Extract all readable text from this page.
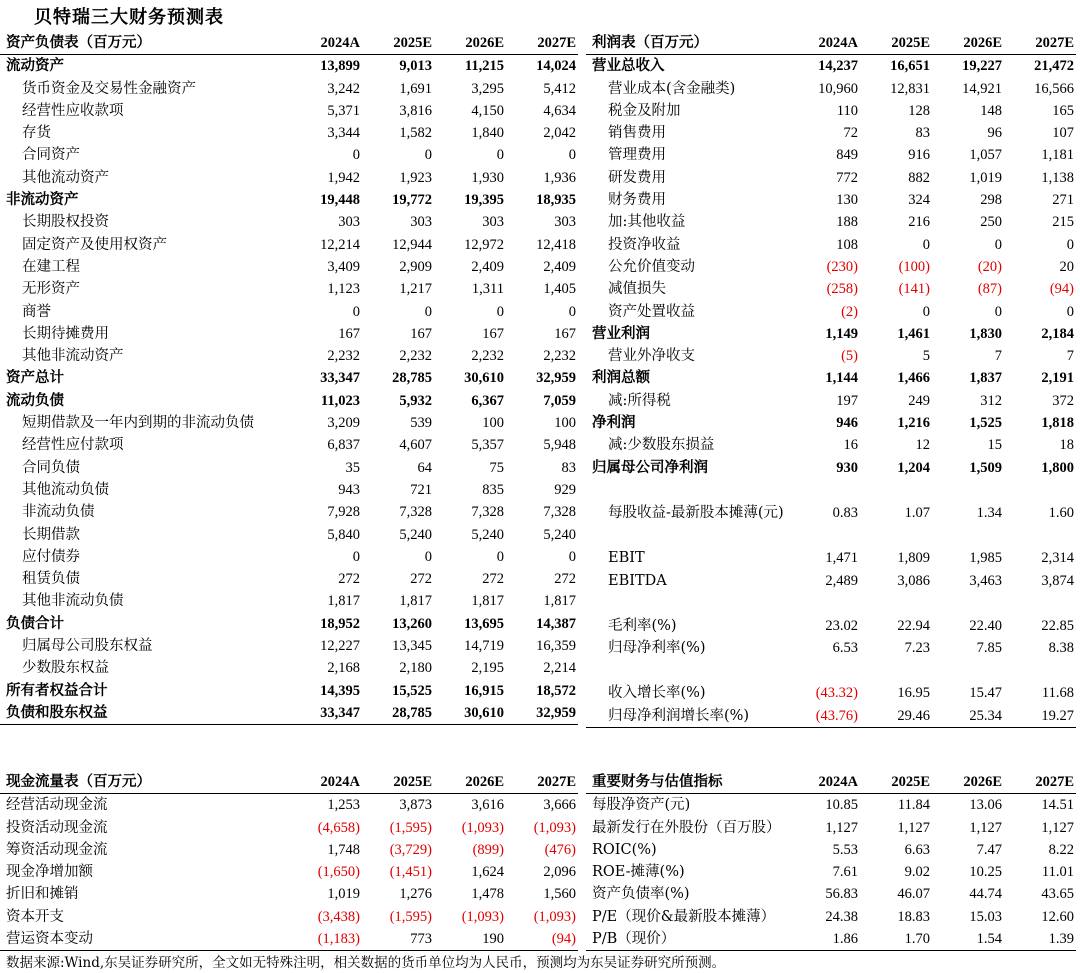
贝特瑞三大财务预测表
资产负债表（百万元）	2024A	2025E	2026E	2027E
流动资产	13,899	9,013	11,215	14,024
货币资金及交易性金融资产	3,242	1,691	3,295	5,412
经营性应收款项	5,371	3,816	4,150	4,634
存货	3,344	1,582	1,840	2,042
合同资产	0	0	0	0
其他流动资产	1,942	1,923	1,930	1,936
非流动资产	19,448	19,772	19,395	18,935
长期股权投资	303	303	303	303
固定资产及使用权资产	12,214	12,944	12,972	12,418
在建工程	3,409	2,909	2,409	2,409
无形资产	1,123	1,217	1,311	1,405
商誉	0	0	0	0
长期待摊费用	167	167	167	167
其他非流动资产	2,232	2,232	2,232	2,232
资产总计	33,347	28,785	30,610	32,959
流动负债	11,023	5,932	6,367	7,059
短期借款及一年内到期的非流动负债	3,209	539	100	100
经营性应付款项	6,837	4,607	5,357	5,948
合同负债	35	64	75	83
其他流动负债	943	721	835	929
非流动负债	7,928	7,328	7,328	7,328
长期借款	5,840	5,240	5,240	5,240
应付债券	0	0	0	0
租赁负债	272	272	272	272
其他非流动负债	1,817	1,817	1,817	1,817
负债合计	18,952	13,260	13,695	14,387
归属母公司股东权益	12,227	13,345	14,719	16,359
少数股东权益	2,168	2,180	2,195	2,214
所有者权益合计	14,395	15,525	16,915	18,572
负债和股东权益	33,347	28,785	30,610	32,959
利润表（百万元）	2024A	2025E	2026E	2027E
营业总收入	14,237	16,651	19,227	21,472
营业成本(含金融类)	10,960	12,831	14,921	16,566
税金及附加	110	128	148	165
销售费用	72	83	96	107
管理费用	849	916	1,057	1,181
研发费用	772	882	1,019	1,138
财务费用	130	324	298	271
加:其他收益	188	216	250	215
投资净收益	108	0	0	0
公允价值变动	(230)	(100)	(20)	20
减值损失	(258)	(141)	(87)	(94)
资产处置收益	(2)	0	0	0
营业利润	1,149	1,461	1,830	2,184
营业外净收支	(5)	5	7	7
利润总额	1,144	1,466	1,837	2,191
减:所得税	197	249	312	372
净利润	946	1,216	1,525	1,818
减:少数股东损益	16	12	15	18
归属母公司净利润	930	1,204	1,509	1,800

每股收益-最新股本摊薄(元)	0.83	1.07	1.34	1.60

EBIT	1,471	1,809	1,985	2,314
EBITDA	2,489	3,086	3,463	3,874

毛利率(%)	23.02	22.94	22.40	22.85
归母净利率(%)	6.53	7.23	7.85	8.38

收入增长率(%)	(43.32)	16.95	15.47	11.68
归母净利润增长率(%)	(43.76)	29.46	25.34	19.27
现金流量表（百万元）	2024A	2025E	2026E	2027E
经营活动现金流	1,253	3,873	3,616	3,666
投资活动现金流	(4,658)	(1,595)	(1,093)	(1,093)
筹资活动现金流	1,748	(3,729)	(899)	(476)
现金净增加额	(1,650)	(1,451)	1,624	2,096
折旧和摊销	1,019	1,276	1,478	1,560
资本开支	(3,438)	(1,595)	(1,093)	(1,093)
营运资本变动	(1,183)	773	190	(94)
重要财务与估值指标	2024A	2025E	2026E	2027E
每股净资产(元)	10.85	11.84	13.06	14.51
最新发行在外股份（百万股）	1,127	1,127	1,127	1,127
ROIC(%)	5.53	6.63	7.47	8.22
ROE-摊薄(%)	7.61	9.02	10.25	11.01
资产负债率(%)	56.83	46.07	44.74	43.65
P/E（现价&最新股本摊薄）	24.38	18.83	15.03	12.60
P/B（现价）	1.86	1.70	1.54	1.39
数据来源:Wind,东吴证券研究所，全文如无特殊注明，相关数据的货币单位均为人民币，预测均为东吴证券研究所预测。
